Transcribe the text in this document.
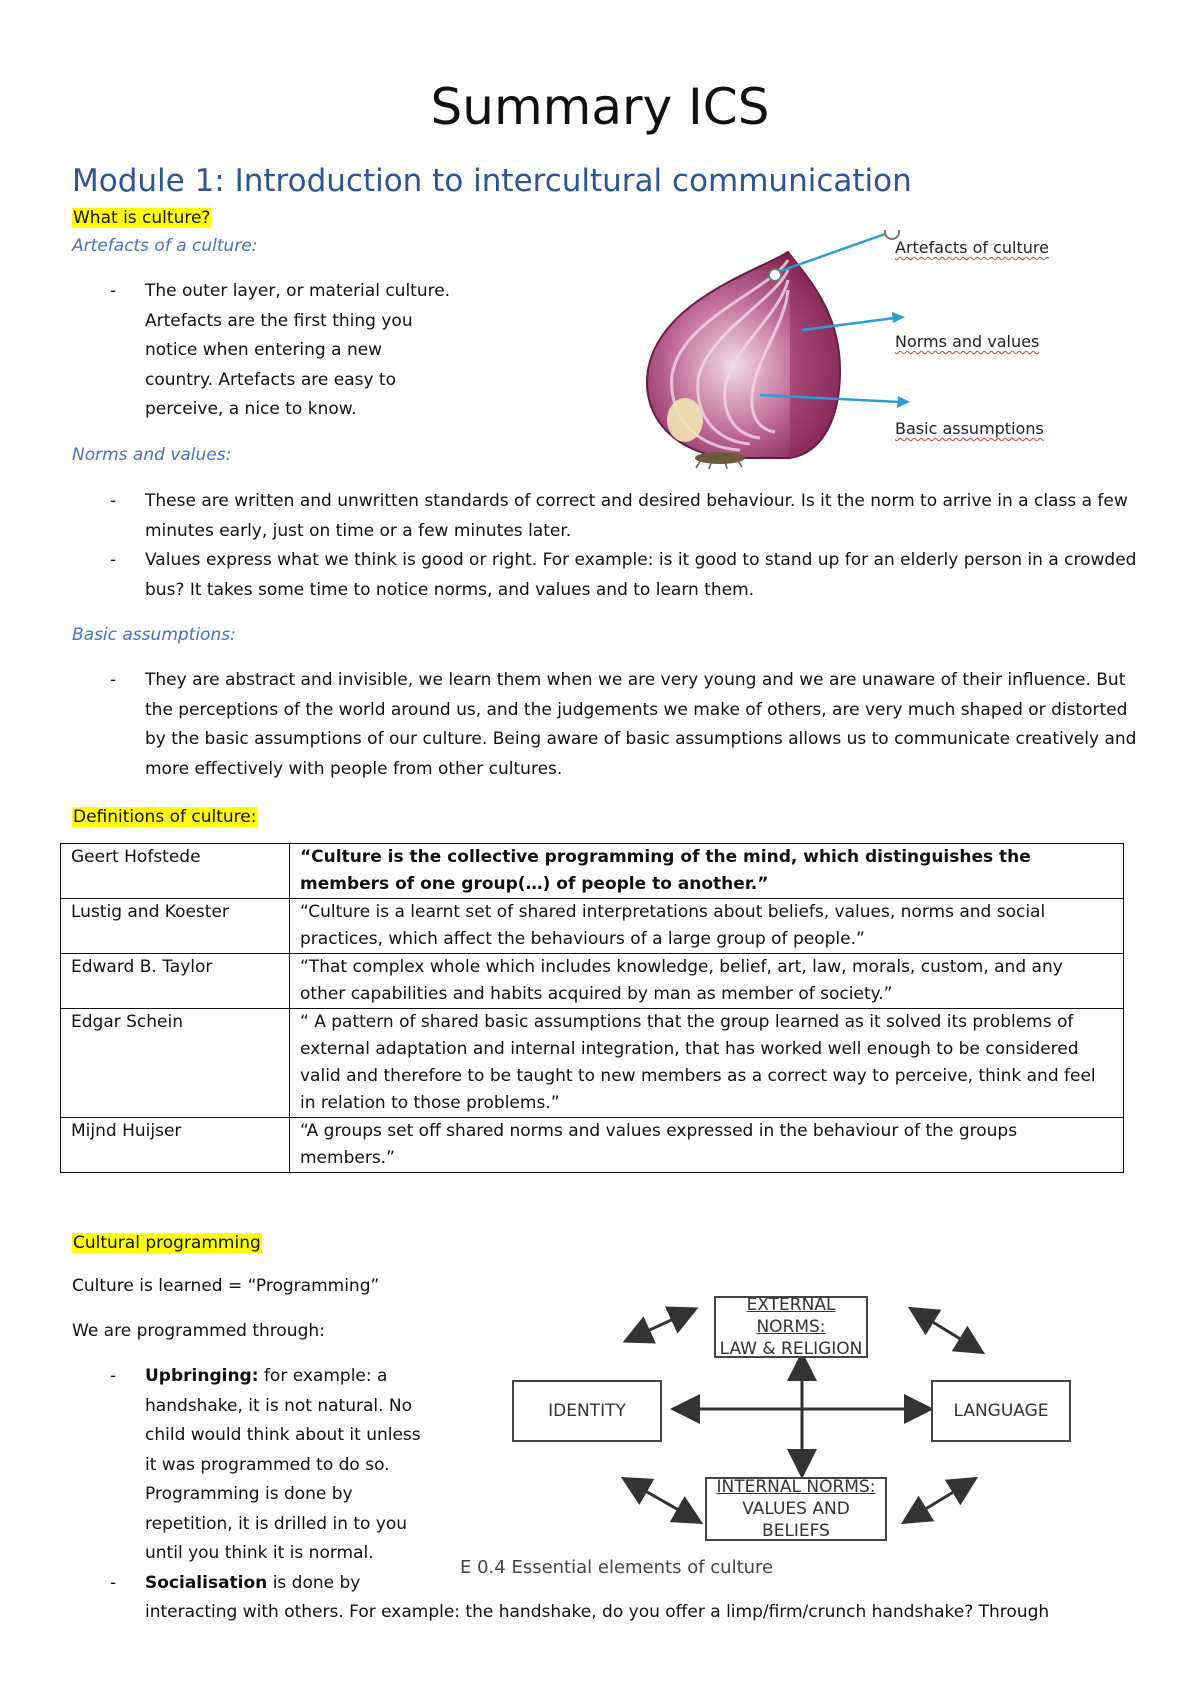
Summary ICS
Module 1: Introduction to intercultural communication
What is culture?
Artefacts of a culture:
- The outer layer, or material culture.
Artefacts are the first thing you
notice when entering a new
country. Artefacts are easy to
perceive, a nice to know.
Artefacts of culture
Norms and values
Basic assumptions
Norms and values:
- These are written and unwritten standards of correct and desired behaviour. Is it the norm to arrive in a class a few minutes early, just on time or a few minutes later.
- Values express what we think is good or right. For example: is it good to stand up for an elderly person in a crowded bus? It takes some time to notice norms, and values and to learn them.
Basic assumptions:
- They are abstract and invisible, we learn them when we are very young and we are unaware of their influence. But the perceptions of the world around us, and the judgements we make of others, are very much shaped or distorted by the basic assumptions of our culture. Being aware of basic assumptions allows us to communicate creatively and more effectively with people from other cultures.
Definitions of culture:
Geert Hofstede	“Culture is the collective programming of the mind, which distinguishes the members of one group(…) of people to another.”
Lustig and Koester	“Culture is a learnt set of shared interpretations about beliefs, values, norms and social practices, which affect the behaviours of a large group of people.”
Edward B. Taylor	“That complex whole which includes knowledge, belief, art, law, morals, custom, and any other capabilities and habits acquired by man as member of society.”
Edgar Schein	“ A pattern of shared basic assumptions that the group learned as it solved its problems of external adaptation and internal integration, that has worked well enough to be considered valid and therefore to be taught to new members as a correct way to perceive, think and feel in relation to those problems.”
Mijnd Huijser	“A groups set off shared norms and values expressed in the behaviour of the groups members.”
Cultural programming
Culture is learned = “Programming”
We are programmed through:
- Upbringing: for example: a
handshake, it is not natural. No
child would think about it unless
it was programmed to do so.
Programming is done by
repetition, it is drilled in to you
until you think it is normal.
- Socialisation is done by
interacting with others. For example: the handshake, do you offer a limp/firm/crunch handshake? Through
EXTERNAL NORMS:
LAW & RELIGION
IDENTITY	LANGUAGE
INTERNAL NORMS:
VALUES AND BELIEFS
E 0.4 Essential elements of culture
